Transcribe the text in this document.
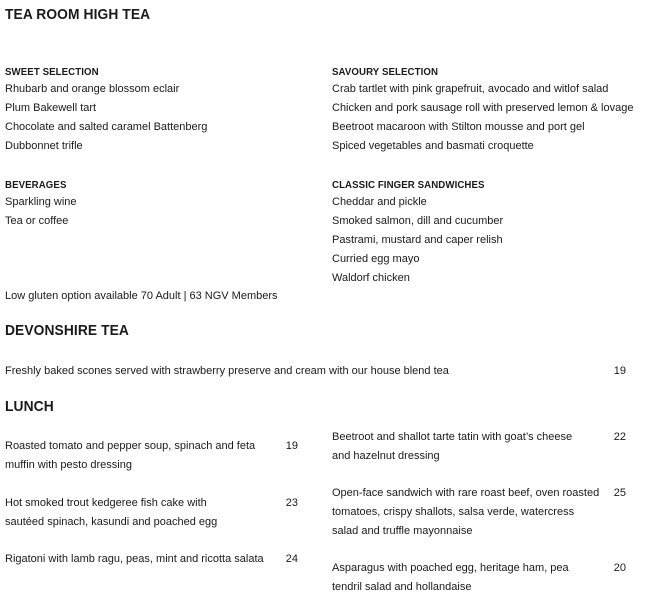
TEA ROOM HIGH TEA
SWEET SELECTION
Rhubarb and orange blossom eclair
Plum Bakewell tart
Chocolate and salted caramel Battenberg
Dubbonnet trifle
SAVOURY SELECTION
Crab tartlet with pink grapefruit, avocado and witlof salad
Chicken and pork sausage roll with preserved lemon & lovage
Beetroot macaroon with Stilton mousse and port gel
Spiced vegetables and basmati croquette
BEVERAGES
Sparkling wine
Tea or coffee
CLASSIC FINGER SANDWICHES
Cheddar and pickle
Smoked salmon, dill and cucumber
Pastrami, mustard and caper relish
Curried egg mayo
Waldorf chicken
Low gluten option available 70 Adult | 63 NGV Members
DEVONSHIRE TEA
Freshly baked scones served with strawberry preserve and cream with our house blend tea	19
LUNCH
Roasted tomato and pepper soup, spinach and feta
muffin with pesto dressing
19
Hot smoked trout kedgeree fish cake with
sautéed spinach, kasundi and poached egg
23
Rigatoni with lamb ragu, peas, mint and ricotta salata	24
Beetroot and shallot tarte tatin with goat’s cheese
and hazelnut dressing
22
Open-face sandwich with rare roast beef, oven roasted
tomatoes, crispy shallots, salsa verde, watercress
salad and truffle mayonnaise
25
Asparagus with poached egg, heritage ham, pea
tendril salad and hollandaise
20
